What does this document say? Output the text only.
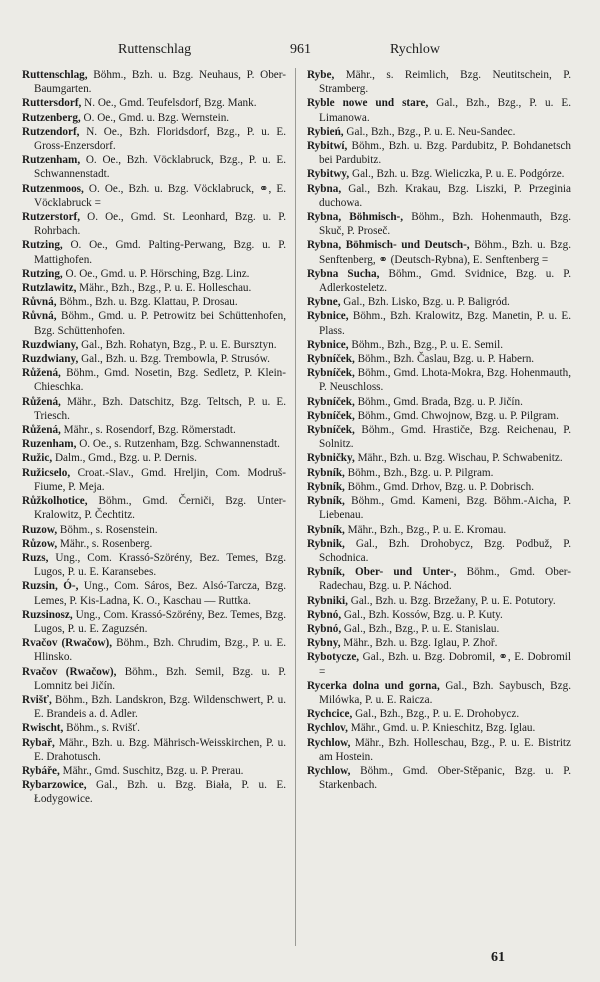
Ruttenschlag	961	Rychlow

Ruttenschlag, Böhm., Bzh. u. Bzg. Neuhaus, P. Ober-Baumgarten.

Ruttersdorf, N. Oe., Gmd. Teufelsdorf, Bzg. Mank.

Rutzenberg, O. Oe., Gmd. u. Bzg. Wernstein.

Rutzendorf, N. Oe., Bzh. Floridsdorf, Bzg., P. u. E. Gross-Enzersdorf.

Rutzenham, O. Oe., Bzh. Vöcklabruck, Bzg., P. u. E. Schwannenstadt.

Rutzenmoos, O. Oe., Bzh. u. Bzg. Vöcklabruck, ⚭, E. Vöcklabruck =

Rutzerstorf, O. Oe., Gmd. St. Leonhard, Bzg. u. P. Rohrbach.

Rutzing, O. Oe., Gmd. Palting-Perwang, Bzg. u. P. Mattighofen.

Rutzing, O. Oe., Gmd. u. P. Hörsching, Bzg. Linz.

Rutzlawitz, Mähr., Bzh., Bzg., P. u. E. Holleschau.

Růvná, Böhm., Bzh. u. Bzg. Klattau, P. Drosau.

Růvná, Böhm., Gmd. u. P. Petrowitz bei Schüttenhofen, Bzg. Schüttenhofen.

Ruzdwiany, Gal., Bzh. Rohatyn, Bzg., P. u. E. Bursztyn.

Ruzdwiany, Gal., Bzh. u. Bzg. Trembowla, P. Strusów.

Růžená, Böhm., Gmd. Nosetin, Bzg. Sedletz, P. Klein-Chieschka.

Růžená, Mähr., Bzh. Datschitz, Bzg. Teltsch, P. u. E. Triesch.

Růžená, Mähr., s. Rosendorf, Bzg. Römerstadt.

Ruzenham, O. Oe., s. Rutzenham, Bzg. Schwannenstadt.

Ružic, Dalm., Gmd., Bzg. u. P. Dernis.

Ružicselo, Croat.-Slav., Gmd. Hreljin, Com. Modruš-Fiume, P. Meja.

Růžkolhotice, Böhm., Gmd. Černiči, Bzg. Unter-Kralowitz, P. Čechtitz.

Ruzow, Böhm., s. Rosenstein.

Růzow, Mähr., s. Rosenberg.

Ruzs, Ung., Com. Krassó-Szörény, Bez. Temes, Bzg. Lugos, P. u. E. Karansebes.

Ruzsin, Ó-, Ung., Com. Sáros, Bez. Alsó-Tarcza, Bzg. Lemes, P. Kis-Ladna, K. O., Kaschau — Ruttka.

Ruzsinosz, Ung., Com. Krassó-Szörény, Bez. Temes, Bzg. Lugos, P. u. E. Zaguzsén.

Rvačov (Rwačow), Böhm., Bzh. Chrudim, Bzg., P. u. E. Hlinsko.

Rvačov (Rwačow), Böhm., Bzh. Semil, Bzg. u. P. Lomnitz bei Jičín.

Rvišť, Böhm., Bzh. Landskron, Bzg. Wildenschwert, P. u. E. Brandeis a. d. Adler.

Rwischt, Böhm., s. Rvišť.

Rybař, Mähr., Bzh. u. Bzg. Mährisch-Weisskirchen, P. u. E. Drahotusch.

Rybáře, Mähr., Gmd. Suschitz, Bzg. u. P. Prerau.

Rybarzowice, Gal., Bzh. u. Bzg. Biała, P. u. E. Łodygowice.

Rybe, Mähr., s. Reimlich, Bzg. Neutitschein, P. Stramberg.

Ryble nowe und stare, Gal., Bzh., Bzg., P. u. E. Limanowa.

Rybień, Gal., Bzh., Bzg., P. u. E. Neu-Sandec.

Rybitwí, Böhm., Bzh. u. Bzg. Pardubitz, P. Bohdanetsch bei Pardubitz.

Rybitwy, Gal., Bzh. u. Bzg. Wieliczka, P. u. E. Podgórze.

Rybna, Gal., Bzh. Krakau, Bzg. Liszki, P. Przeginia duchowa.

Rybna, Böhmisch-, Böhm., Bzh. Hohenmauth, Bzg. Skuč, P. Proseč.

Rybna, Böhmisch- und Deutsch-, Böhm., Bzh. u. Bzg. Senftenberg, ⚭ (Deutsch-Rybna), E. Senftenberg =

Rybna Sucha, Böhm., Gmd. Svidnice, Bzg. u. P. Adlerkosteletz.

Rybne, Gal., Bzh. Lisko, Bzg. u. P. Baligród.

Rybnice, Böhm., Bzh. Kralowitz, Bzg. Manetin, P. u. E. Plass.

Rybnice, Böhm., Bzh., Bzg., P. u. E. Semil.

Rybníček, Böhm., Bzh. Časlau, Bzg. u. P. Habern.

Rybníček, Böhm., Gmd. Lhota-Mokra, Bzg. Hohenmauth, P. Neuschloss.

Rybníček, Böhm., Gmd. Brada, Bzg. u. P. Jičín.

Rybníček, Böhm., Gmd. Chwojnow, Bzg. u. P. Pilgram.

Rybníček, Böhm., Gmd. Hrastiče, Bzg. Reichenau, P. Solnitz.

Rybničky, Mähr., Bzh. u. Bzg. Wischau, P. Schwabenitz.

Rybník, Böhm., Bzh., Bzg. u. P. Pilgram.

Rybník, Böhm., Gmd. Drhov, Bzg. u. P. Dobrisch.

Rybník, Böhm., Gmd. Kameni, Bzg. Böhm.-Aicha, P. Liebenau.

Rybník, Mähr., Bzh., Bzg., P. u. E. Kromau.

Rybnik, Gal., Bzh. Drohobycz, Bzg. Podbuž, P. Schodnica.

Rybník, Ober- und Unter-, Böhm., Gmd. Ober-Radechau, Bzg. u. P. Náchod.

Rybniki, Gal., Bzh. u. Bzg. Brzežany, P. u. E. Potutory.

Rybnó, Gal., Bzh. Kossów, Bzg. u. P. Kuty.

Rybnó, Gal., Bzh., Bzg., P. u. E. Stanislau.

Rybny, Mähr., Bzh. u. Bzg. Iglau, P. Zhoř.

Rybotycze, Gal., Bzh. u. Bzg. Dobromil, ⚭, E. Dobromil =

Rycerka dolna und gorna, Gal., Bzh. Saybusch, Bzg. Milówka, P. u. E. Raicza.

Rychcice, Gal., Bzh., Bzg., P. u. E. Drohobycz.

Rychlov, Mähr., Gmd. u. P. Knieschitz, Bzg. Iglau.

Rychlow, Mähr., Bzh. Holleschau, Bzg., P. u. E. Bistritz am Hostein.

Rychlow, Böhm., Gmd. Ober-Stěpanic, Bzg. u. P. Starkenbach.

61
